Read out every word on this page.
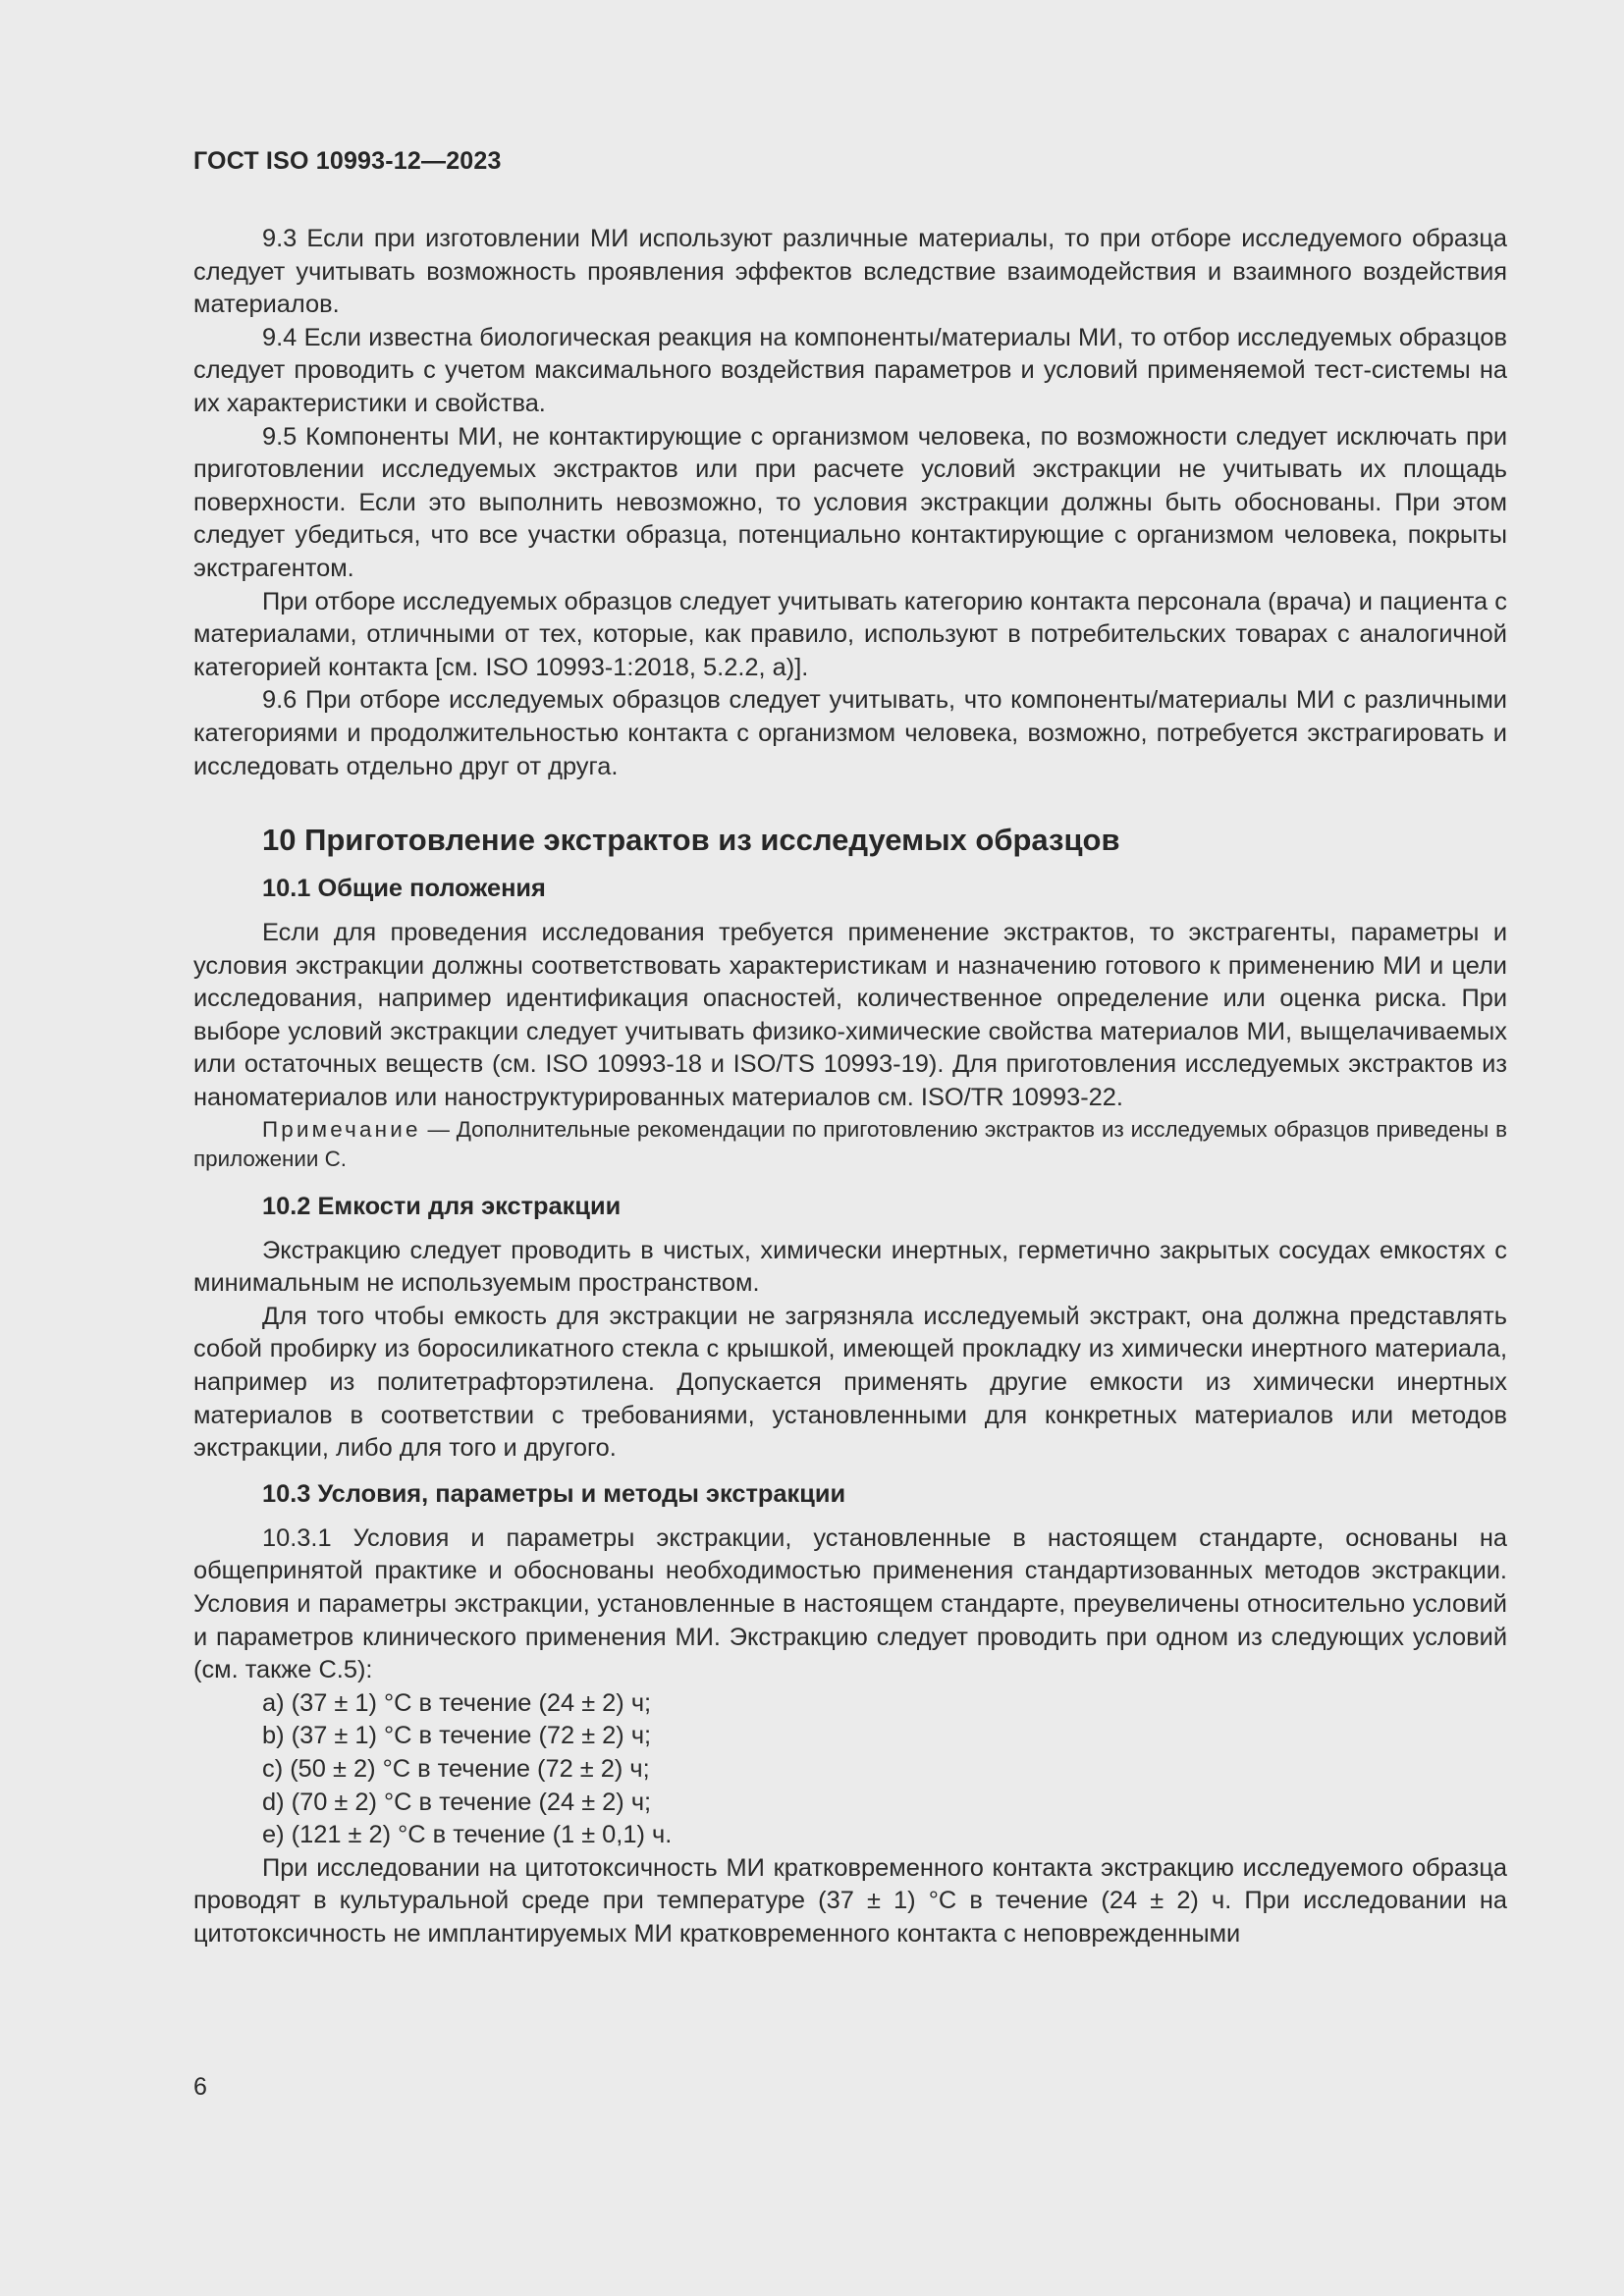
ГОСТ ISO 10993-12—2023

9.3 Если при изготовлении МИ используют различные материалы, то при отборе исследуемого образца следует учитывать возможность проявления эффектов вследствие взаимодействия и взаимного воздействия материалов.

9.4 Если известна биологическая реакция на компоненты/материалы МИ, то отбор исследуемых образцов следует проводить с учетом максимального воздействия параметров и условий применяемой тест-системы на их характеристики и свойства.

9.5 Компоненты МИ, не контактирующие с организмом человека, по возможности следует исключать при приготовлении исследуемых экстрактов или при расчете условий экстракции не учитывать их площадь поверхности. Если это выполнить невозможно, то условия экстракции должны быть обоснованы. При этом следует убедиться, что все участки образца, потенциально контактирующие с организмом человека, покрыты экстрагентом.

При отборе исследуемых образцов следует учитывать категорию контакта персонала (врача) и пациента с материалами, отличными от тех, которые, как правило, используют в потребительских товарах с аналогичной категорией контакта [см. ISO 10993-1:2018, 5.2.2, a)].

9.6 При отборе исследуемых образцов следует учитывать, что компоненты/материалы МИ с различными категориями и продолжительностью контакта с организмом человека, возможно, потребуется экстрагировать и исследовать отдельно друг от друга.

10 Приготовление экстрактов из исследуемых образцов
10.1 Общие положения

Если для проведения исследования требуется применение экстрактов, то экстрагенты, параметры и условия экстракции должны соответствовать характеристикам и назначению готового к применению МИ и цели исследования, например идентификация опасностей, количественное определение или оценка риска. При выборе условий экстракции следует учитывать физико-химические свойства материалов МИ, выщелачиваемых или остаточных веществ (см. ISO 10993-18 и ISO/TS 10993-19). Для приготовления исследуемых экстрактов из наноматериалов или наноструктурированных материалов см. ISO/TR 10993-22.

Примечание — Дополнительные рекомендации по приготовлению экстрактов из исследуемых образцов приведены в приложении С.

10.2 Емкости для экстракции

Экстракцию следует проводить в чистых, химически инертных, герметично закрытых сосудах емкостях с минимальным не используемым пространством.

Для того чтобы емкость для экстракции не загрязняла исследуемый экстракт, она должна представлять собой пробирку из боросиликатного стекла с крышкой, имеющей прокладку из химически инертного материала, например из политетрафторэтилена. Допускается применять другие емкости из химически инертных материалов в соответствии с требованиями, установленными для конкретных материалов или методов экстракции, либо для того и другого.

10.3 Условия, параметры и методы экстракции

10.3.1 Условия и параметры экстракции, установленные в настоящем стандарте, основаны на общепринятой практике и обоснованы необходимостью применения стандартизованных методов экстракции. Условия и параметры экстракции, установленные в настоящем стандарте, преувеличены относительно условий и параметров клинического применения МИ. Экстракцию следует проводить при одном из следующих условий (см. также С.5):

a) (37 ± 1) °С в течение (24 ± 2) ч;

b) (37 ± 1) °С в течение (72 ± 2) ч;

c) (50 ± 2) °С в течение (72 ± 2) ч;

d) (70 ± 2) °С в течение (24 ± 2) ч;

e) (121 ± 2) °С в течение (1 ± 0,1) ч.

При исследовании на цитотоксичность МИ кратковременного контакта экстракцию исследуемого образца проводят в культуральной среде при температуре (37 ± 1) °С в течение (24 ± 2) ч. При исследовании на цитотоксичность не имплантируемых МИ кратковременного контакта с неповрежденными

6
